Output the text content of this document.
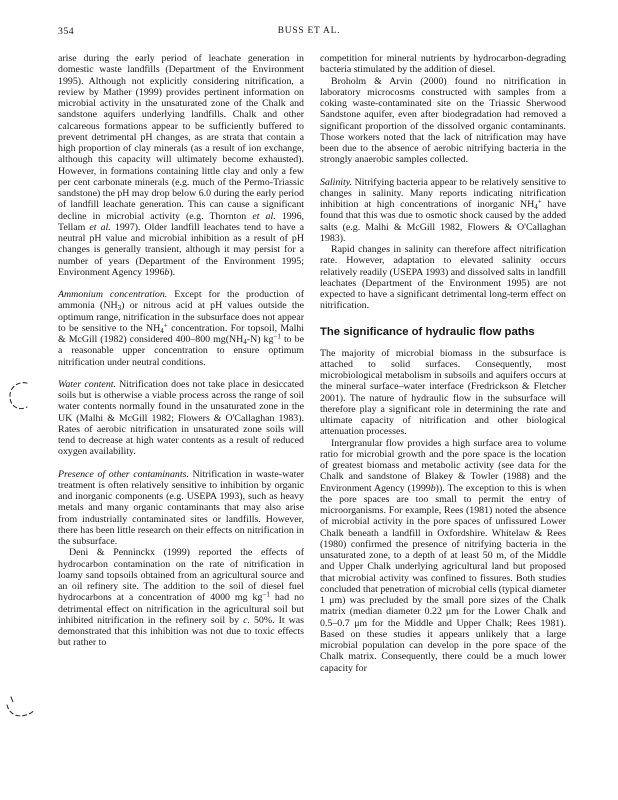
354	BUSS ET AL.

arise during the early period of leachate generation in domestic waste landfills (Department of the Environment 1995). Although not explicitly considering nitrification, a review by Mather (1999) provides pertinent information on microbial activity in the unsaturated zone of the Chalk and sandstone aquifers underlying landfills. Chalk and other calcareous formations appear to be sufficiently buffered to prevent detrimental pH changes, as are strata that contain a high proportion of clay minerals (as a result of ion exchange, although this capacity will ultimately become exhausted). However, in formations containing little clay and only a few per cent carbonate minerals (e.g. much of the Permo-Triassic sandstone) the pH may drop below 6.0 during the early period of landfill leachate generation. This can cause a significant decline in microbial activity (e.g. Thornton et al. 1996, Tellam et al. 1997). Older landfill leachates tend to have a neutral pH value and microbial inhibition as a result of pH changes is generally transient, although it may persist for a number of years (Department of the Environment 1995; Environment Agency 1996b).

Ammonium concentration. Except for the production of ammonia $(NH_3)$ or nitrous acid at pH values outside the optimum range, nitrification in the subsurface does not appear to be sensitive to the $NH_4^+$ concentration. For topsoil, Malhi & McGill (1982) considered 400–800 $mg(NH_4-N)$ $kg^{-1}$ to be a reasonable upper concentration to ensure optimum nitrification under neutral conditions.

Water content. Nitrification does not take place in desiccated soils but is otherwise a viable process across the range of soil water contents normally found in the unsaturated zone in the UK (Malhi & McGill 1982; Flowers & O'Callaghan 1983). Rates of aerobic nitrification in unsaturated zone soils will tend to decrease at high water contents as a result of reduced oxygen availability.

Presence of other contaminants. Nitrification in waste-water treatment is often relatively sensitive to inhibition by organic and inorganic components (e.g. USEPA 1993), such as heavy metals and many organic contaminants that may also arise from industrially contaminated sites or landfills. However, there has been little research on their effects on nitrification in the subsurface.

Deni & Penninckx (1999) reported the effects of hydrocarbon contamination on the rate of nitrification in loamy sand topsoils obtained from an agricultural source and an oil refinery site. The addition to the soil of diesel fuel hydrocarbons at a concentration of 4000 mg $kg^{-1}$ had no detrimental effect on nitrification in the agricultural soil but inhibited nitrification in the refinery soil by c. 50%. It was demonstrated that this inhibition was not due to toxic effects but rather to

competition for mineral nutrients by hydrocarbon-degrading bacteria stimulated by the addition of diesel.

Broholm & Arvin (2000) found no nitrification in laboratory microcosms constructed with samples from a coking waste-contaminated site on the Triassic Sherwood Sandstone aquifer, even after biodegradation had removed a significant proportion of the dissolved organic contaminants. Those workers noted that the lack of nitrification may have been due to the absence of aerobic nitrifying bacteria in the strongly anaerobic samples collected.

Salinity. Nitrifying bacteria appear to be relatively sensitive to changes in salinity. Many reports indicating nitrification inhibition at high concentrations of inorganic $NH_4^+$ have found that this was due to osmotic shock caused by the added salts (e.g. Malhi & McGill 1982, Flowers & O'Callaghan 1983).

Rapid changes in salinity can therefore affect nitrification rate. However, adaptation to elevated salinity occurs relatively readily (USEPA 1993) and dissolved salts in landfill leachates (Department of the Environment 1995) are not expected to have a significant detrimental long-term effect on nitrification.

The significance of hydraulic flow paths

The majority of microbial biomass in the subsurface is attached to solid surfaces. Consequently, most microbiological metabolism in subsoils and aquifers occurs at the mineral surface–water interface (Fredrickson & Fletcher 2001). The nature of hydraulic flow in the subsurface will therefore play a significant role in determining the rate and ultimate capacity of nitrification and other biological attenuation processes.

Intergranular flow provides a high surface area to volume ratio for microbial growth and the pore space is the location of greatest biomass and metabolic activity (see data for the Chalk and sandstone of Blakey & Towler (1988) and the Environment Agency (1999b)). The exception to this is when the pore spaces are too small to permit the entry of microorganisms. For example, Rees (1981) noted the absence of microbial activity in the pore spaces of unfissured Lower Chalk beneath a landfill in Oxfordshire. Whitelaw & Rees (1980) confirmed the presence of nitrifying bacteria in the unsaturated zone, to a depth of at least 50 m, of the Middle and Upper Chalk underlying agricultural land but proposed that microbial activity was confined to fissures. Both studies concluded that penetration of microbial cells (typical diameter 1 μm) was precluded by the small pore sizes of the Chalk matrix (median diameter 0.22 μm for the Lower Chalk and 0.5–0.7 μm for the Middle and Upper Chalk; Rees 1981). Based on these studies it appears unlikely that a large microbial population can develop in the pore space of the Chalk matrix. Consequently, there could be a much lower capacity for
